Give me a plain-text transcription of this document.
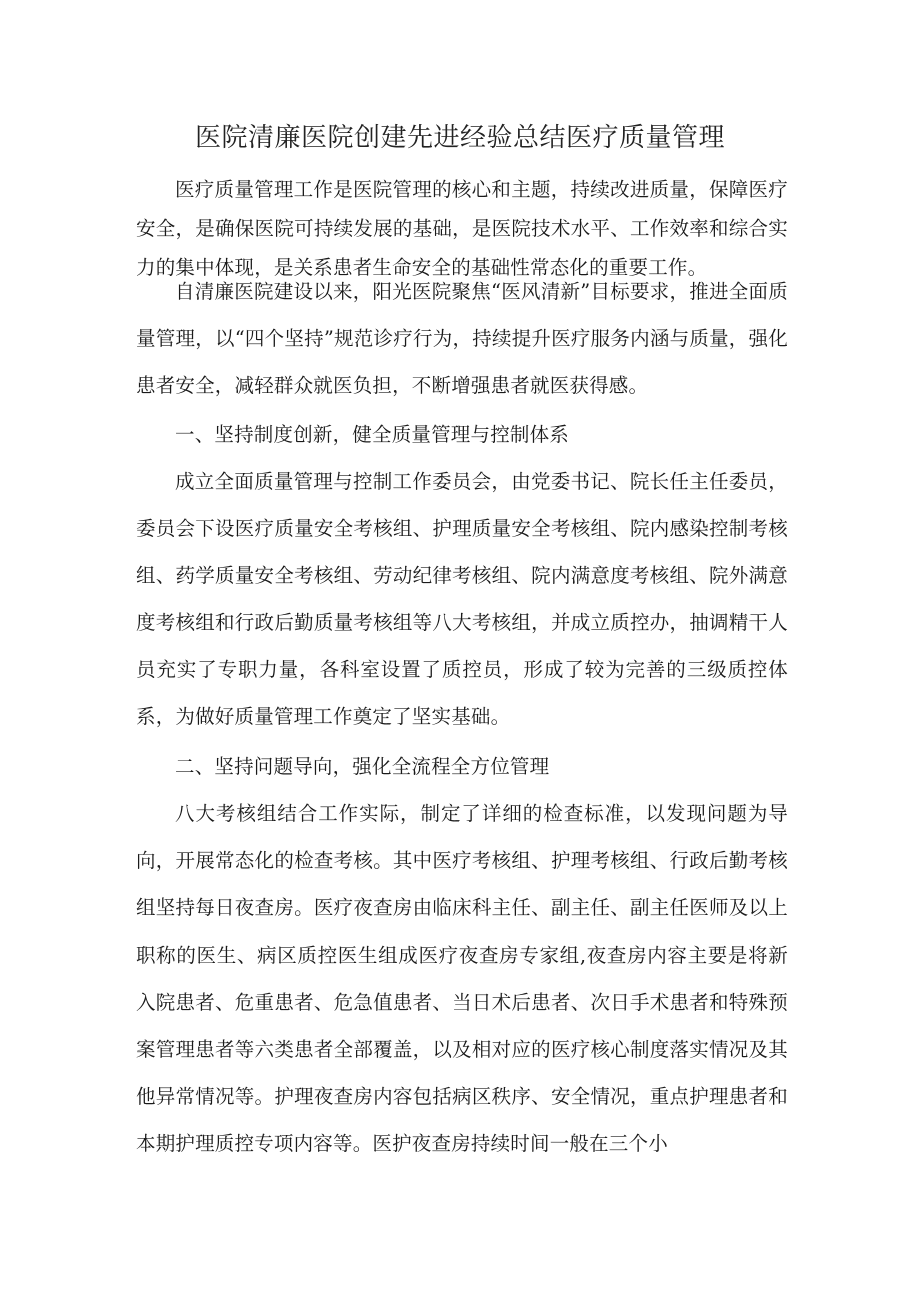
医院清廉医院创建先进经验总结医疗质量管理

医疗质量管理工作是医院管理的核心和主题，持续改进质量，保障医疗安全，是确保医院可持续发展的基础，是医院技术水平、工作效率和综合实力的集中体现，是关系患者生命安全的基础性常态化的重要工作。

自清廉医院建设以来，阳光医院聚焦“医风清新”目标要求，推进全面质量管理，以“四个坚持”规范诊疗行为，持续提升医疗服务内涵与质量，强化患者安全，减轻群众就医负担，不断增强患者就医获得感。

一、坚持制度创新，健全质量管理与控制体系

成立全面质量管理与控制工作委员会，由党委书记、院长任主任委员，委员会下设医疗质量安全考核组、护理质量安全考核组、院内感染控制考核组、药学质量安全考核组、劳动纪律考核组、院内满意度考核组、院外满意度考核组和行政后勤质量考核组等八大考核组，并成立质控办，抽调精干人员充实了专职力量，各科室设置了质控员，形成了较为完善的三级质控体系，为做好质量管理工作奠定了坚实基础。

二、坚持问题导向，强化全流程全方位管理

八大考核组结合工作实际，制定了详细的检查标准，以发现问题为导向，开展常态化的检查考核。其中医疗考核组、护理考核组、行政后勤考核组坚持每日夜查房。医疗夜查房由临床科主任、副主任、副主任医师及以上职称的医生、病区质控医生组成医疗夜查房专家组,夜查房内容主要是将新入院患者、危重患者、危急值患者、当日术后患者、次日手术患者和特殊预案管理患者等六类患者全部覆盖，以及相对应的医疗核心制度落实情况及其他异常情况等。护理夜查房内容包括病区秩序、安全情况，重点护理患者和本期护理质控专项内容等。医护夜查房持续时间一般在三个小
